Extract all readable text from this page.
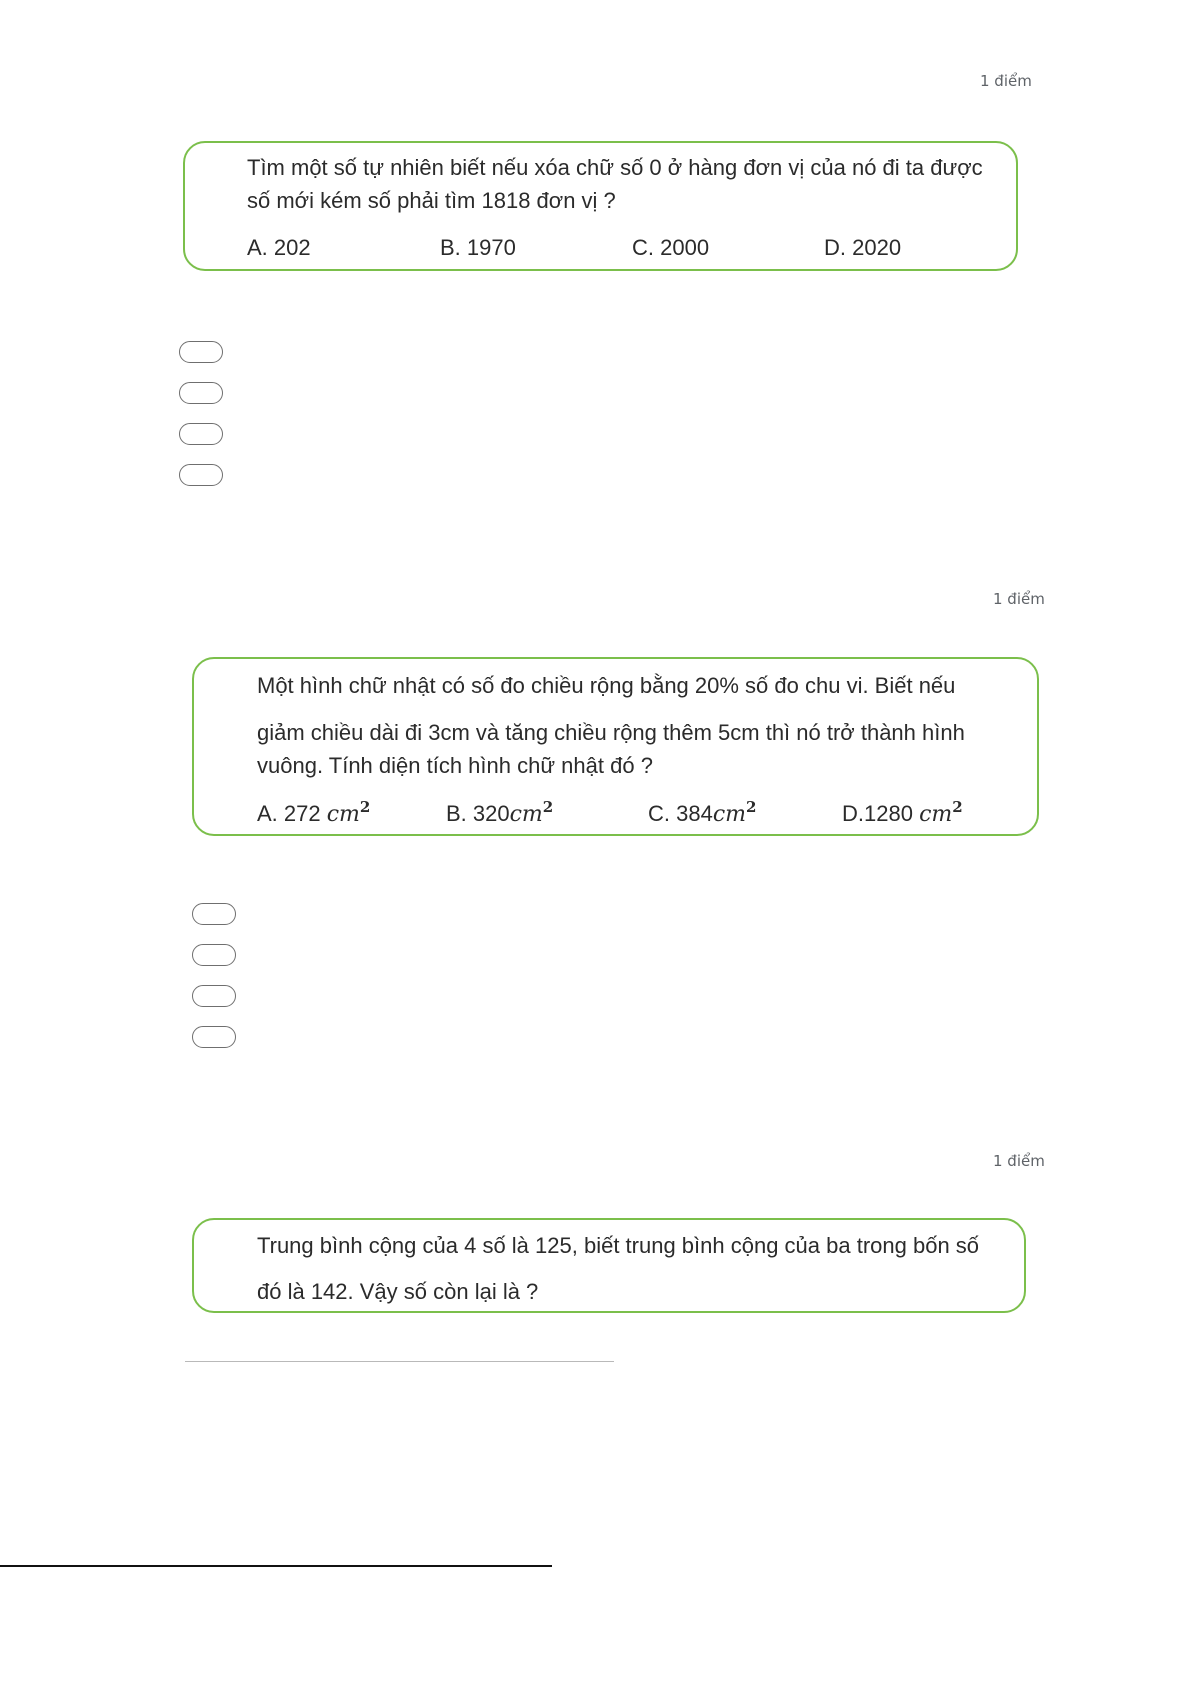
1 điểm
Tìm một số tự nhiên biết nếu xóa chữ số 0 ở hàng đơn vị của nó đi ta được
số mới kém số phải tìm 1818 đơn vị ?
A. 202	B. 1970	C. 2000	D. 2020
1 điểm
Một hình chữ nhật có số đo chiều rộng bằng 20% số đo chu vi. Biết nếu
giảm chiều dài đi 3cm và tăng chiều rộng thêm 5cm thì nó trở thành hình
vuông. Tính diện tích hình chữ nhật đó ?
A. 272 $cm^2$	B. $320cm^2$	C. $384cm^2$	D.1280 $cm^2$
1 điểm
Trung bình cộng của 4 số là 125, biết trung bình cộng của ba trong bốn số
đó là 142. Vậy số còn lại là ?
